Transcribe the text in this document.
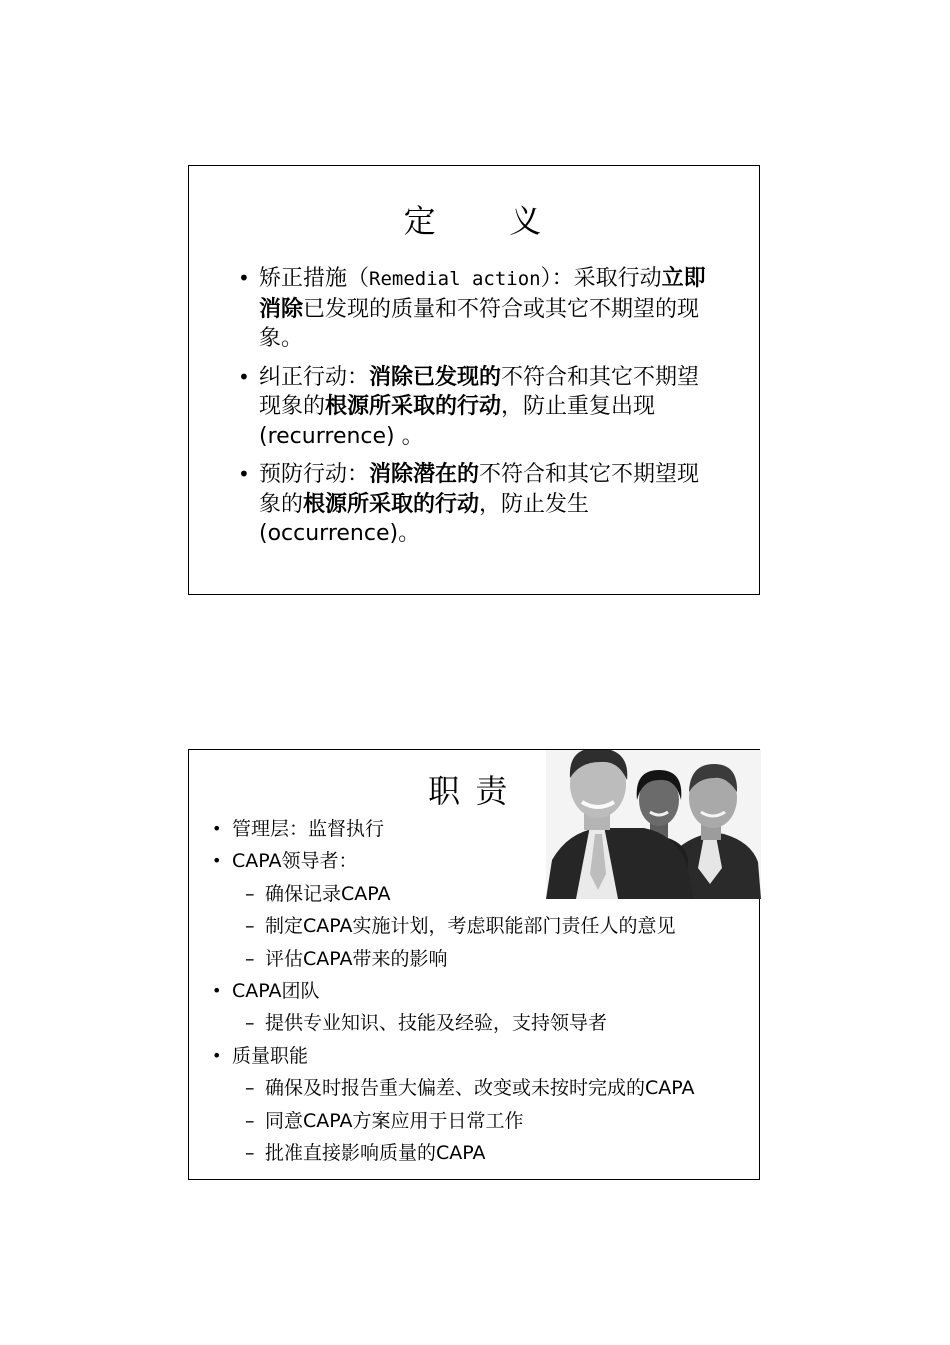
定　　义
• 矫正措施（Remedial action）：采取行动立即消除已发现的质量和不符合或其它不期望的现象。
• 纠正行动：消除已发现的不符合和其它不期望现象的根源所采取的行动，防止重复出现(recurrence) 。
• 预防行动：消除潜在的不符合和其它不期望现象的根源所采取的行动，防止发生(occurrence)。
职 责
• 管理层：监督执行
• CAPA领导者：
– 确保记录CAPA
– 制定CAPA实施计划，考虑职能部门责任人的意见
– 评估CAPA带来的影响
• CAPA团队
– 提供专业知识、技能及经验，支持领导者
• 质量职能
– 确保及时报告重大偏差、改变或未按时完成的CAPA
– 同意CAPA方案应用于日常工作
– 批准直接影响质量的CAPA
